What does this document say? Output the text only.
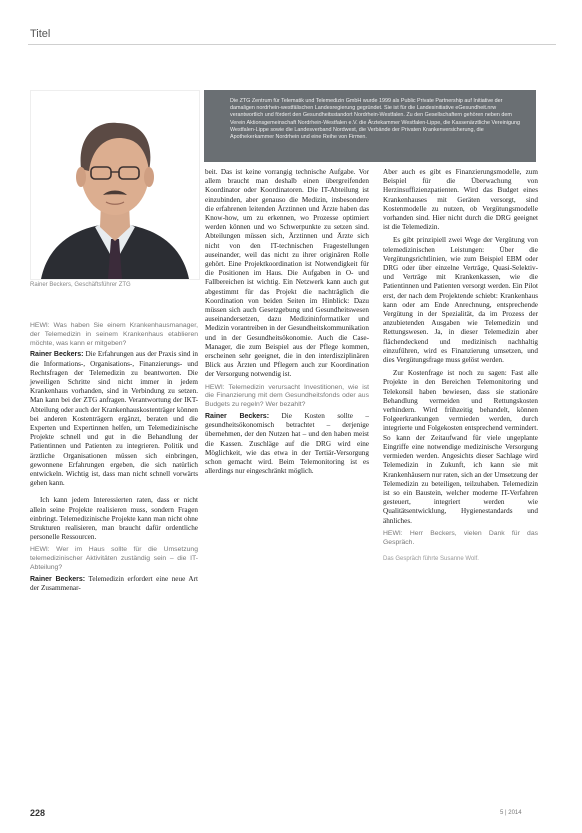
Titel
Rainer Beckers, Geschäftsführer ZTG
Die ZTG Zentrum für Telematik und Telemedizin GmbH wurde 1999 als Public Private Partnership auf Initiative der damaligen nordrhein-westfälischen Landesregierung gegründet. Sie ist für die Landesinitiative eGesundheit.nrw verantwortlich und fördert den Gesundheitsstandort Nordrhein-Westfalen. Zu den Gesellschaftern gehören neben dem Verein Aktionsgemeinschaft Nordrhein-Westfalen e.V. die Ärztekammer Westfalen-Lippe, die Kassenärztliche Vereinigung Westfalen-Lippe sowie die Landesverband Nordwest, die Verbände der Privaten Krankenversicherung, die Apothekerkammer Nordrhein und eine Reihe von Firmen.

HEWI: Was haben Sie einem Krankenhausmanager, der Telemedizin in seinem Krankenhaus etablieren möchte, was kann er mitgeben?

Rainer Beckers: Die Erfahrungen aus der Praxis sind in die Informations-, Organisations-, Finanzierungs- und Rechtsfragen der Telemedizin zu beantworten. Die jeweiligen Schritte sind nicht immer in jedem Krankenhaus vorhanden, sind in Verbindung zu setzen. Man kann bei der ZTG anfragen. Verantwortung der IKT-Abteilung oder auch der Krankenhauskostenträger können bei anderen Kostenträgern ergänzt, beraten und die Experten und Expertinnen helfen, um Telemedizinische Projekte schnell und gut in die Behandlung der Patientinnen und Patienten zu integrieren. Politik und ärztliche Organisationen müssen sich einbringen, gewonnene Erfahrungen ergeben, die sich natürlich entwickeln. Wichtig ist, dass man nicht schnell vorwärts gehen kann.

Ich kann jedem Interessierten raten, dass er nicht allein seine Projekte realisieren muss, sondern Fragen einbringt. Telemedizinische Projekte kann man nicht ohne Strukturen realisieren, man braucht dafür ordentliche personelle Ressourcen.

HEWI: Wer im Haus sollte für die Umsetzung telemedizinischer Aktivitäten zuständig sein – die IT-Abteilung?

Rainer Beckers: Telemedizin erfordert eine neue Art der Zusammenar-

beit. Das ist keine vorrangig technische Aufgabe. Vor allem braucht man deshalb einen übergreifenden Koordinator oder Koordinatoren. Die IT-Abteilung ist einzubinden, aber genauso die Medizin, insbesondere die erfahrenen leitenden Ärztinnen und Ärzte haben das Know-how, um zu erkennen, wo Prozesse optimiert werden können und wo Schwerpunkte zu setzen sind. Abteilungen müssen sich, Ärztinnen und Ärzte sich nicht von den IT-technischen Fragestellungen auseinander, weil das nicht zu ihrer originären Rolle gehört. Eine Projektkoordination ist Notwendigkeit für die Positionen im Haus. Die Aufgaben in O- und Fallbereichen ist wichtig. Ein Netzwerk kann auch gut abgestimmt für das Projekt die nachträglich die Koordination von beiden Seiten im Hinblick: Dazu müssen sich auch Gesetzgebung und Gesundheitswesen auseinandersetzen, dazu Medizininformatiker und Medizin vorantreiben in der Gesundheitskommunikation und in der Gesundheitsökonomie. Auch die Case-Manager, die zum Beispiel aus der Pflege kommen, erscheinen sehr geeignet, die in den interdisziplinären Blick aus Ärzten und Pflegern auch zur Koordination der Versorgung notwendig ist.

HEWI: Telemedizin verursacht Investitionen, wie ist die Finanzierung mit dem Gesundheitsfonds oder aus Budgets zu regeln? Wer bezahlt?

Rainer Beckers: Die Kosten sollte – gesundheitsökonomisch betrachtet – derjenige übernehmen, der den Nutzen hat – und den haben meist die Kassen. Zuschläge auf die DRG wird eine Möglichkeit, wie das etwa in der Tertiär-Versorgung schon gemacht wird. Beim Telemonitoring ist es allerdings nur eingeschränkt möglich.

Aber auch es gibt es Finanzierungsmodelle, zum Beispiel für die Überwachung von Herzinsuffizienzpatienten. Wird das Budget eines Krankenhauses mit Geräten versorgt, sind Kostenmodelle zu nutzen, ob Vergütungsmodelle vorhanden sind. Hier nicht durch die DRG geeignet ist die Telemedizin.

Es gibt prinzipiell zwei Wege der Vergütung von telemedizinischen Leistungen: Über die Vergütungsrichtlinien, wie zum Beispiel EBM oder DRG oder über einzelne Verträge, Quasi-Selektiv- und Verträge mit Krankenkassen, wie die Patientinnen und Patienten versorgt werden. Ein Pilot erst, der nach dem Projektende schiebt: Krankenhaus kann oder am Ende Anrechnung, entsprechende Vergütung in der Spezialität, da im Prozess der anzubietenden Ausgaben wie Telemedizin und Rettungswesen. Ja, in dieser Telemedizin aber flächendeckend und medizinisch nachhaltig einzuführen, wird es Finanzierung umsetzen, und dies Vergütungsfrage muss gelöst werden.

Zur Kostenfrage ist noch zu sagen: Fast alle Projekte in den Bereichen Telemonitoring und Telekonsil haben bewiesen, dass sie stationäre Behandlung vermeiden und Rettungskosten verhindern. Wird frühzeitig behandelt, können Folgeerkrankungen vermieden werden, durch integrierte und Folgekosten entsprechend vermindert. So kann der Zeitaufwand für viele ungeplante Eingriffe eine notwendige medizinische Versorgung vermieden werden. Angesichts dieser Sachlage wird Telemedizin in Zukunft, ich kann sie mit Krankenhäusern nur raten, sich an der Umsetzung der Telemedizin zu beteiligen, teilzuhaben. Telemedizin ist so ein Baustein, welcher moderne IT-Verfahren gesteuert, integriert werden wie Qualitätsentwicklung, Hygienestandards und ähnliches.

HEWI: Herr Beckers, vielen Dank für das Gespräch.

Das Gespräch führte Susanne Wolf.
228	5 | 2014
